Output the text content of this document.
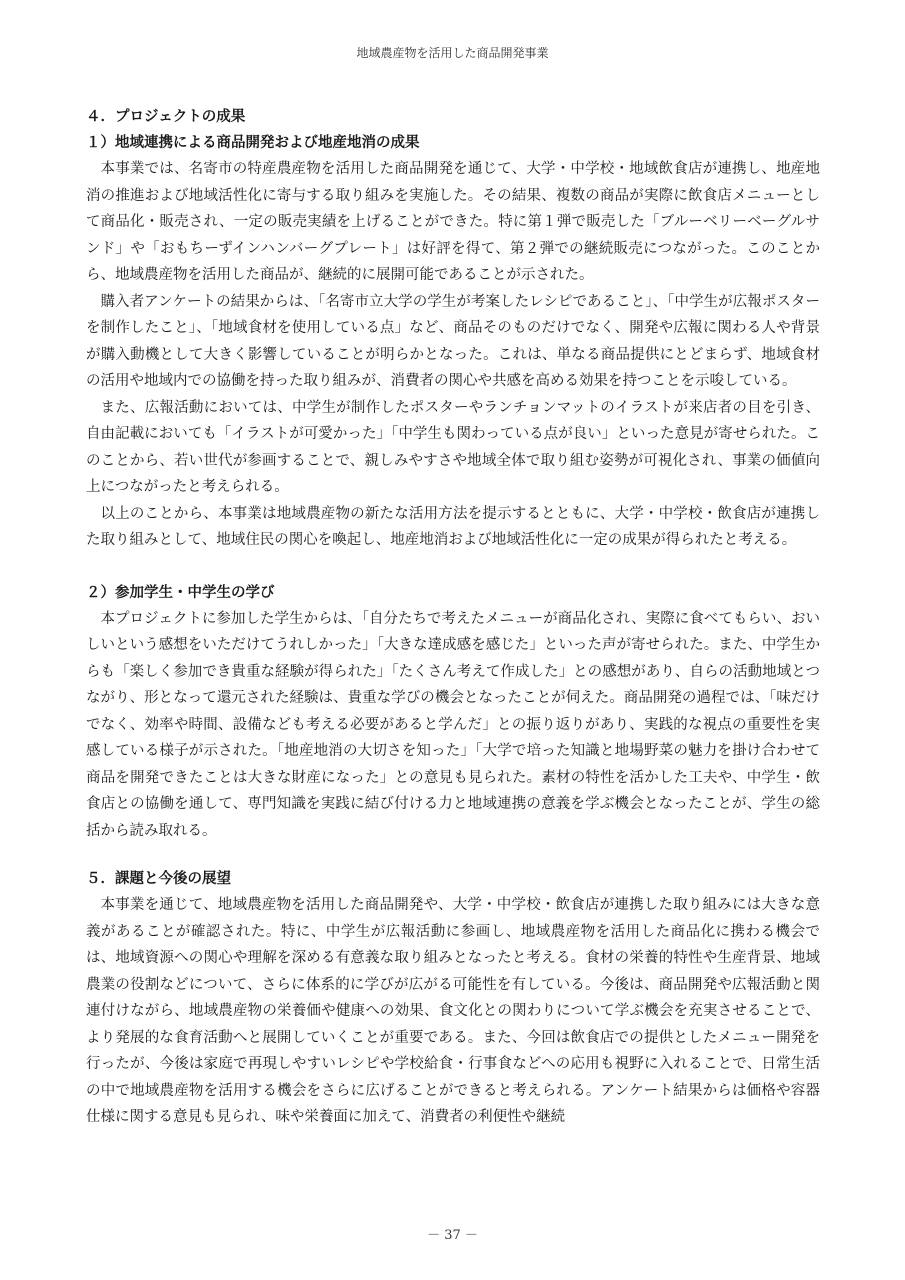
地域農産物を活用した商品開発事業
４．プロジェクトの成果
１）地域連携による商品開発および地産地消の成果

本事業では、名寄市の特産農産物を活用した商品開発を通じて、大学・中学校・地域飲食店が連携し、地産地消の推進および地域活性化に寄与する取り組みを実施した。その結果、複数の商品が実際に飲食店メニューとして商品化・販売され、一定の販売実績を上げることができた。特に第１弾で販売した「ブルーベリーベーグルサンド」や「おもちーずインハンバーグプレート」は好評を得て、第２弾での継続販売につながった。このことから、地域農産物を活用した商品が、継続的に展開可能であることが示された。

購入者アンケートの結果からは、「名寄市立大学の学生が考案したレシピであること」、「中学生が広報ポスターを制作したこと」、「地域食材を使用している点」など、商品そのものだけでなく、開発や広報に関わる人や背景が購入動機として大きく影響していることが明らかとなった。これは、単なる商品提供にとどまらず、地域食材の活用や地域内での協働を持った取り組みが、消費者の関心や共感を高める効果を持つことを示唆している。

また、広報活動においては、中学生が制作したポスターやランチョンマットのイラストが来店者の目を引き、自由記載においても「イラストが可愛かった」「中学生も関わっている点が良い」といった意見が寄せられた。このことから、若い世代が参画することで、親しみやすさや地域全体で取り組む姿勢が可視化され、事業の価値向上につながったと考えられる。

以上のことから、本事業は地域農産物の新たな活用方法を提示するとともに、大学・中学校・飲食店が連携した取り組みとして、地域住民の関心を喚起し、地産地消および地域活性化に一定の成果が得られたと考える。

２）参加学生・中学生の学び

本プロジェクトに参加した学生からは、「自分たちで考えたメニューが商品化され、実際に食べてもらい、おいしいという感想をいただけてうれしかった」「大きな達成感を感じた」といった声が寄せられた。また、中学生からも「楽しく参加でき貴重な経験が得られた」「たくさん考えて作成した」との感想があり、自らの活動地域とつながり、形となって還元された経験は、貴重な学びの機会となったことが伺えた。商品開発の過程では、「味だけでなく、効率や時間、設備なども考える必要があると学んだ」との振り返りがあり、実践的な視点の重要性を実感している様子が示された。「地産地消の大切さを知った」「大学で培った知識と地場野菜の魅力を掛け合わせて商品を開発できたことは大きな財産になった」との意見も見られた。素材の特性を活かした工夫や、中学生・飲食店との協働を通して、専門知識を実践に結び付ける力と地域連携の意義を学ぶ機会となったことが、学生の総括から読み取れる。

５．課題と今後の展望

本事業を通じて、地域農産物を活用した商品開発や、大学・中学校・飲食店が連携した取り組みには大きな意義があることが確認された。特に、中学生が広報活動に参画し、地域農産物を活用した商品化に携わる機会では、地域資源への関心や理解を深める有意義な取り組みとなったと考える。食材の栄養的特性や生産背景、地域農業の役割などについて、さらに体系的に学びが広がる可能性を有している。今後は、商品開発や広報活動と関連付けながら、地域農産物の栄養価や健康への効果、食文化との関わりについて学ぶ機会を充実させることで、より発展的な食育活動へと展開していくことが重要である。また、今回は飲食店での提供としたメニュー開発を行ったが、今後は家庭で再現しやすいレシピや学校給食・行事食などへの応用も視野に入れることで、日常生活の中で地域農産物を活用する機会をさらに広げることができると考えられる。アンケート結果からは価格や容器仕様に関する意見も見られ、味や栄養面に加えて、消費者の利便性や継続

－ 37 －
